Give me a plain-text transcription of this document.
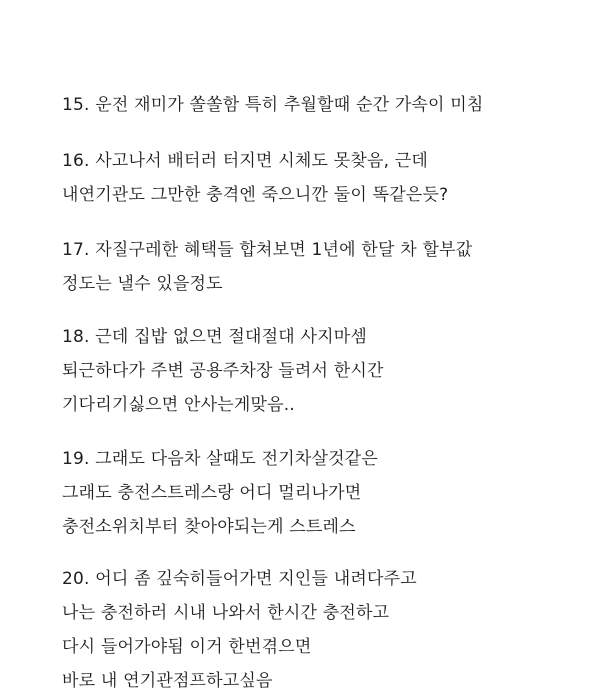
15. 운전 재미가 쏠쏠함 특히 추월할때 순간 가속이 미침
16. 사고나서 배터러 터지면 시체도 못찾음, 근데
내연기관도 그만한 충격엔 죽으니깐 둘이 똑같은듯?
17. 자질구레한 혜택들 합쳐보면 1년에 한달 차 할부값
정도는 낼수 있을정도
18. 근데 집밥 없으면 절대절대 사지마셈
퇴근하다가 주변 공용주차장 들려서 한시간
기다리기싫으면 안사는게맞음..
19. 그래도 다음차 살때도 전기차살것같은
그래도 충전스트레스랑 어디 멀리나가면
충전소위치부터 찾아야되는게 스트레스
20. 어디 좀 깊숙히들어가면 지인들 내려다주고
나는 충전하러 시내 나와서 한시간 충전하고
다시 들어가야됨 이거 한번겪으면
바로 내 연기관점프하고싶음
